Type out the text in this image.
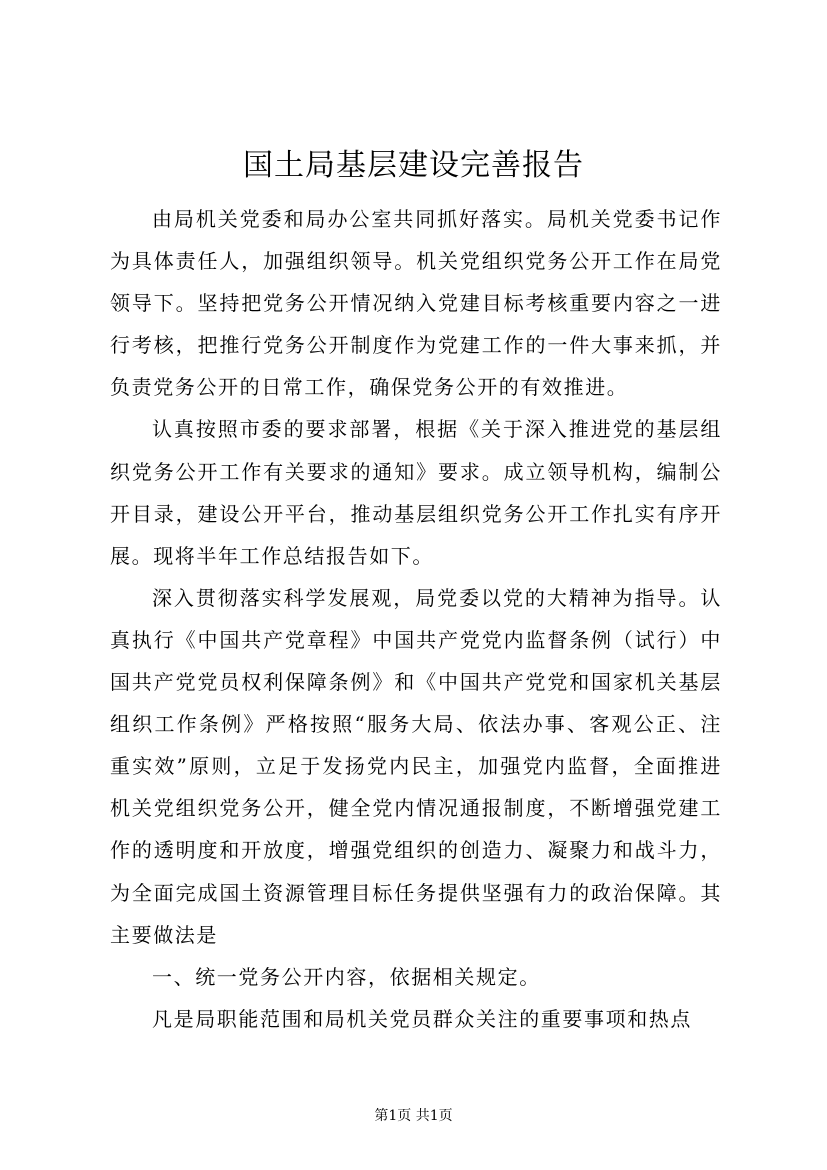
国土局基层建设完善报告

由局机关党委和局办公室共同抓好落实。局机关党委书记作为具体责任人，加强组织领导。机关党组织党务公开工作在局党领导下。坚持把党务公开情况纳入党建目标考核重要内容之一进行考核，把推行党务公开制度作为党建工作的一件大事来抓，并负责党务公开的日常工作，确保党务公开的有效推进。

认真按照市委的要求部署，根据《关于深入推进党的基层组织党务公开工作有关要求的通知》要求。成立领导机构，编制公开目录，建设公开平台，推动基层组织党务公开工作扎实有序开展。现将半年工作总结报告如下。

深入贯彻落实科学发展观，局党委以党的大精神为指导。认真执行《中国共产党章程》中国共产党党内监督条例（试行）中国共产党党员权利保障条例》和《中国共产党党和国家机关基层组织工作条例》严格按照“服务大局、依法办事、客观公正、注重实效”原则，立足于发扬党内民主，加强党内监督，全面推进机关党组织党务公开，健全党内情况通报制度，不断增强党建工作的透明度和开放度，增强党组织的创造力、凝聚力和战斗力，为全面完成国土资源管理目标任务提供坚强有力的政治保障。其主要做法是

一、统一党务公开内容，依据相关规定。

凡是局职能范围和局机关党员群众关注的重要事项和热点

第1页 共1页
